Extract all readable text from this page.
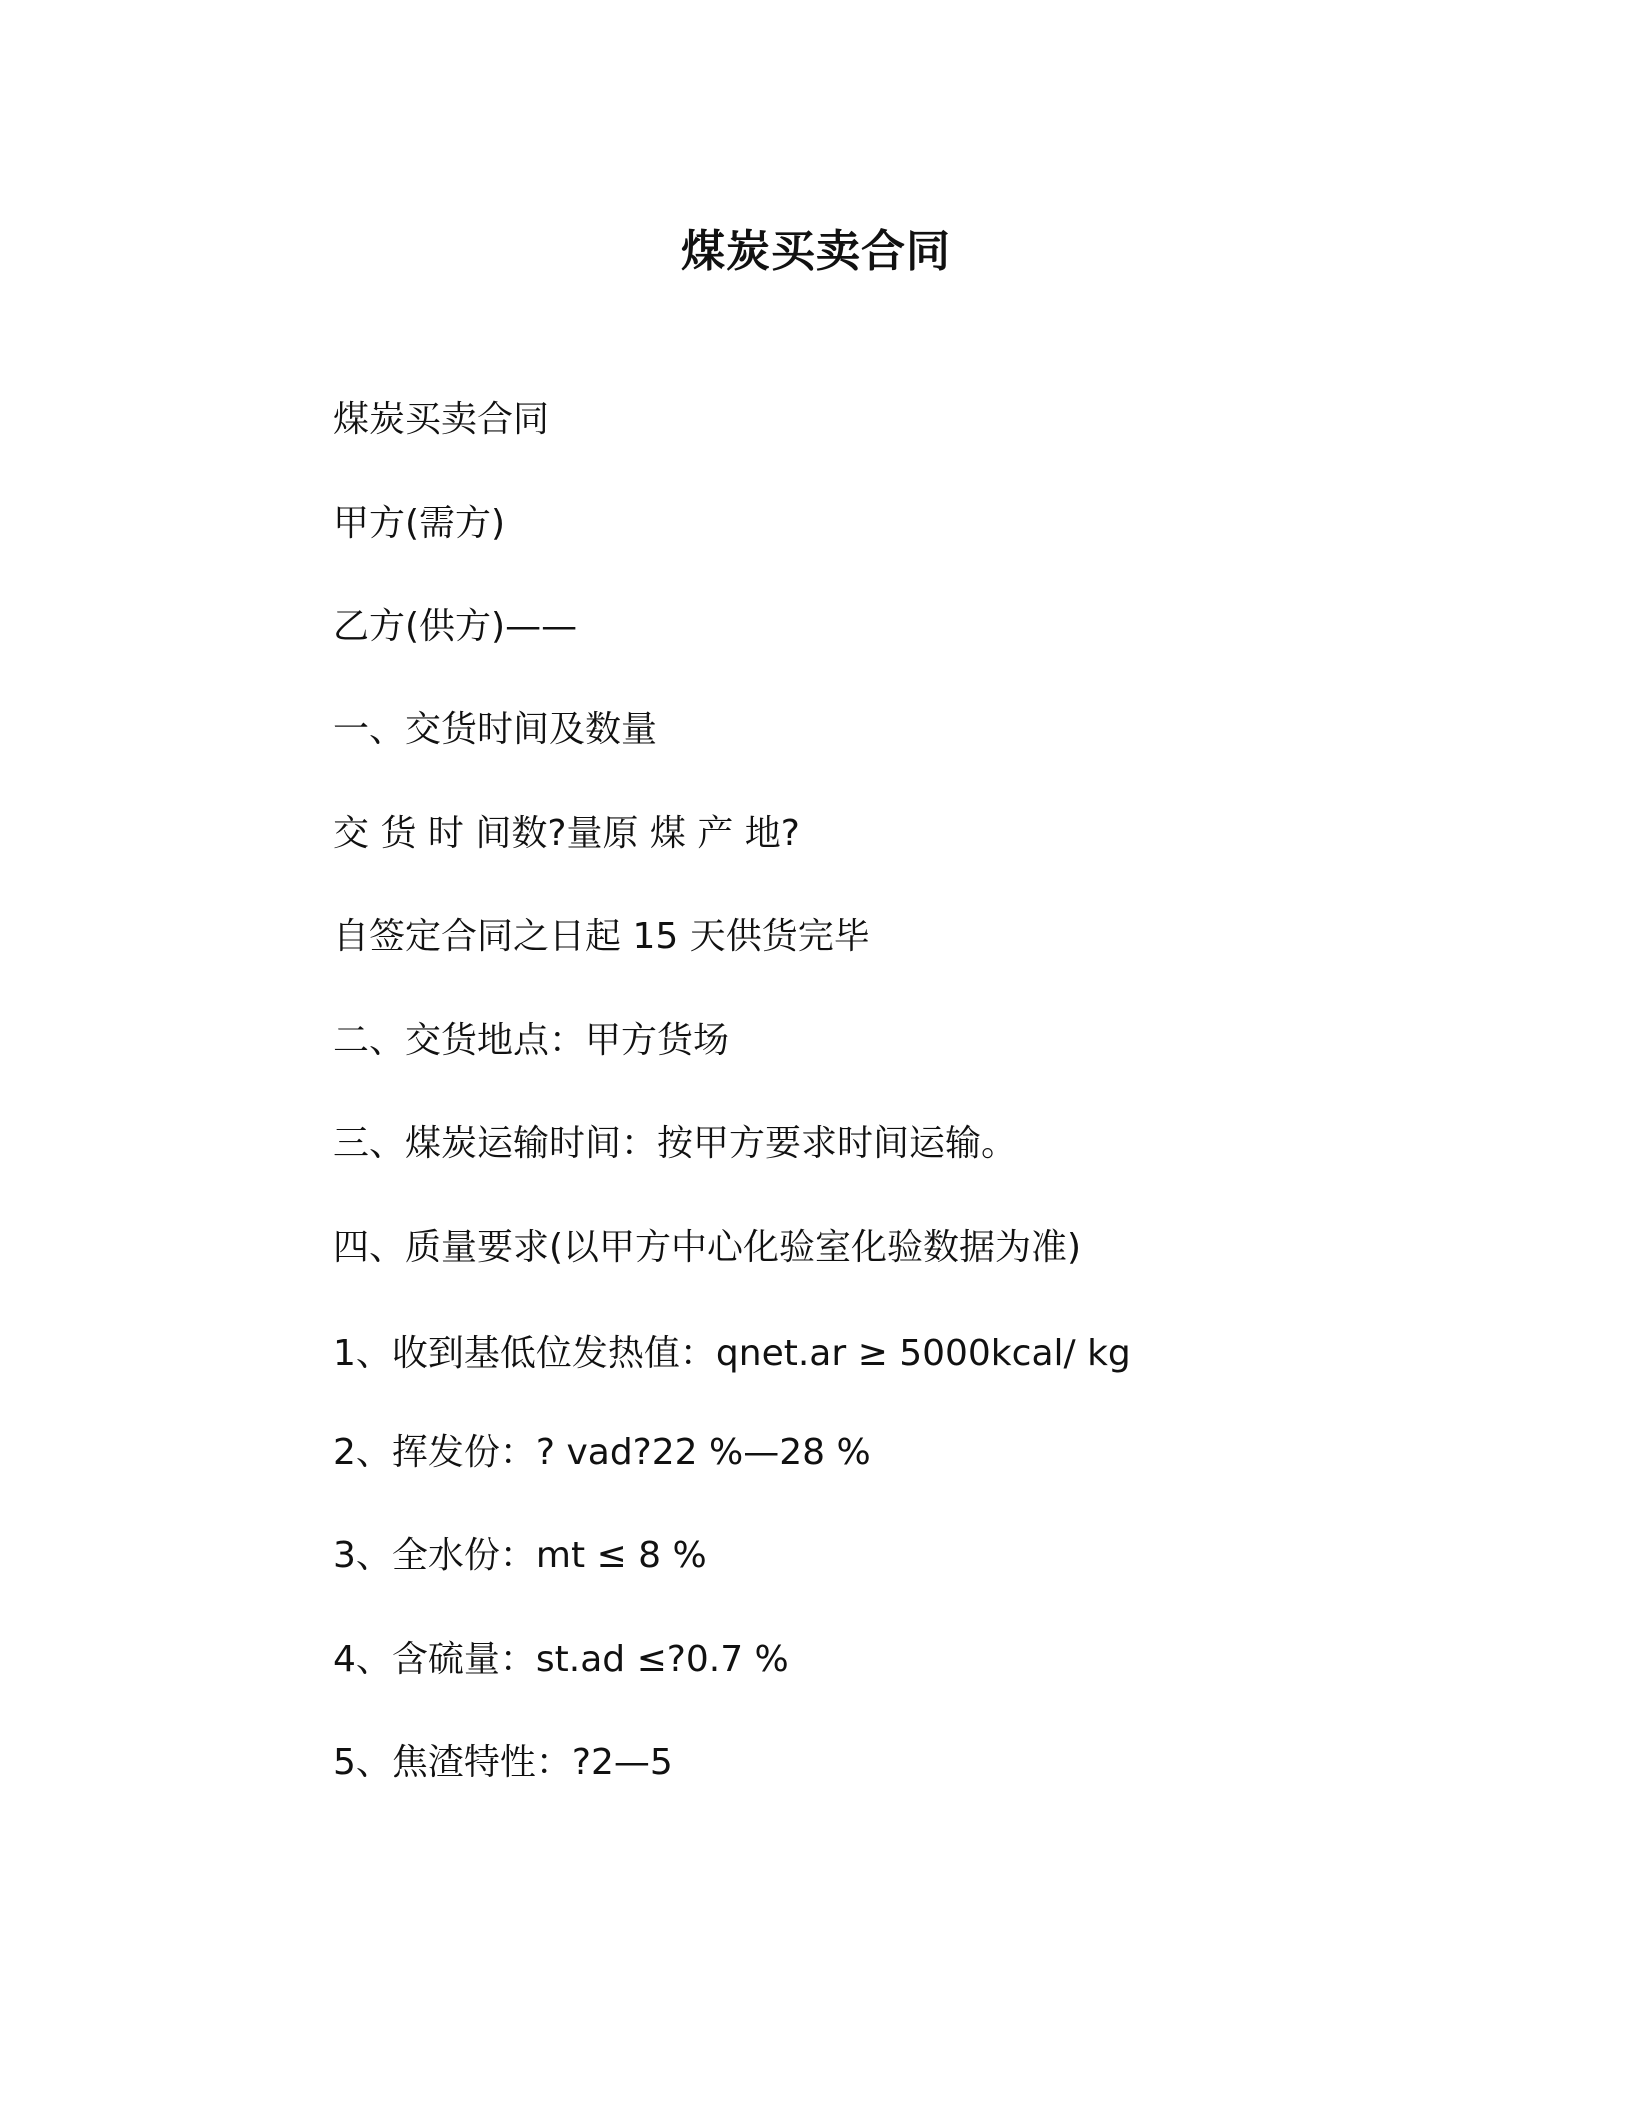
煤炭买卖合同
煤炭买卖合同
甲方(需方)
乙方(供方)——
一、交货时间及数量
交 货 时 间数?量原 煤 产 地?
自签定合同之日起 15 天供货完毕
二、交货地点：甲方货场
三、煤炭运输时间：按甲方要求时间运输。
四、质量要求(以甲方中心化验室化验数据为准)
1、收到基低位发热值：qnet.ar ≥ 5000kcal/ kg
2、挥发份：? vad?22 %—28 %
3、全水份：mt ≤ 8 %
4、含硫量：st.ad ≤?0.7 %
5、焦渣特性：?2—5
